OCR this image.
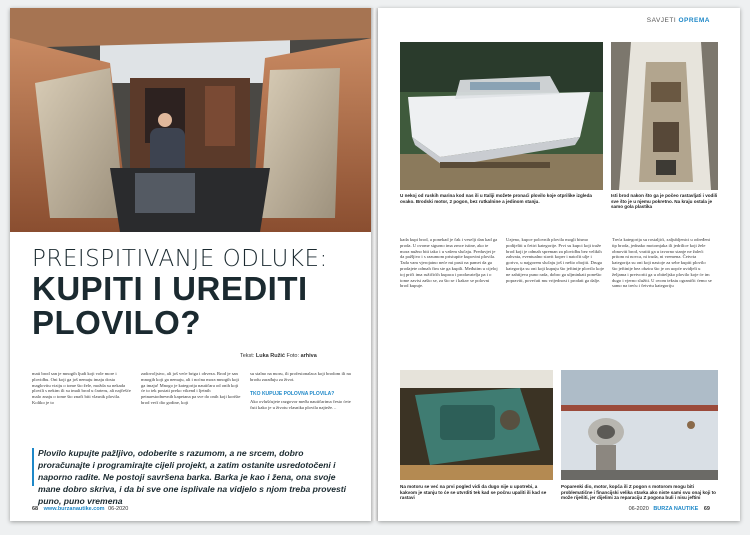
PREISPITIVANJE ODLUKE:
KUPITI I UREDITI
PLOVILO?
Tekst: Luka Ružić Foto: arhiva
mati brod san je mnogih ljudi koji vole more i plovidbu. Oni koji ga još nemaju imaju dosta maglovitu viziju o tome što žele, možda su nekada plovili s nekim ili su imali brod u čarteru, ali najčešće malo znaju o tome što znači biti vlasnik plovila. Koliko je to
zadovoljstvo, ali još veće briga i obveza. Brod je san mnogih koji ga nemaju, ali i noćna mora mnogih koji ga imaju! Mnogo je kategorija nautičara od onih koji će to tek postati preko vikend i ljetnih petnaestodnevnih kapetana pa sve do onih koji korište brod većí dio godine, koji
su stalno na moru, ili profesionalaca koji brodom ili na brodu zarađuju za život.
TKO KUPUJE POLOVNA PLOVILA?
Ako ovlušćujete razgovor među nautičarima često ćete čuti kako je u životu vlasnika plovila najteže…
Plovilo kupujte pažljivo, odoberite s razumom, a ne srcem, dobro proračunajte i programirajte cijeli projekt, a zatim ostanite usredotočeni i naporno radite. Ne postoji savršena barka. Barka je kao i žena, ona svoje mane dobro skriva, i da bi sve one isplivale na vidjelo s njom treba provesti puno, puno vremena
68 www.burzanautike.com 06-2020
SAVJETI OPREMA
U nekoj od ruskih marina kod nas ili u Italiji možete pronaći plovilo koje otprilike izgleda ovako. Brodski motor, 2 pogon, bez rutkalnine a jedinom stanju.
Isti brod nakon što ga je počeo rastavljati i vodili sve što je u njemu pokretno. Na kraju ostala je samo gola plastika
kada kupi brod, a ponekad je čak i veselji dan kad ga proda. U ovome sigurno ima zrnce istine, ako te mora nužno biti tako i u vašem slučaju. Preduvjet je da pažljivo i s razumom pristupite kupovini plovila. Tada vam vjerojatno neće mi pasti na pamet da ga prodajete odmah čim ste ga kupili. Međutim u cijeloj toj priči ima ružičićih kupaca i prodavatelja pa i o tome zavisi zašto se, za što se i kakav se polovni brod kupuje.
Uzjeno, kupce polovnih plovila mogli bismo podijeliti u četiri kategorije. Prvi su kupci koji traže brod koji je odmah spreman za plovidbu bez velikih zahvata, eventualno stavit koper i natočit ulje i gorivo, u najgorem slučaju još i nešto obojiti. Druga kategorija su oni koji kupuju što jeftinije plovilo koje ne zahtijeva puno rada, dobro ga uljminkati ponešto popraviti, povećati mu vrijednost i prodati ga dalje.
Treća kategorija su rostaljići, zaljubljenici u određeni tip broda, jednako motornjaka ili jedrilice koji žele obnoviti brod, vratiti ga u izvorno stanje ne žaleći pritom ni novca, ni truda, ni vremena. Četvrta kategorija su oni koji nastoje za sebe kupiti plovilo što jeftinije bez obzira što je on uopće uvidjeli u željama i pretvoriti ga u obiteljsko plovilo koje će im dugo i vjerno služiti. U ovom tekstu ograničit ćemo se samo na treću i četvrtu kategoriju
Na motoru se već na prvi pogled vidi da dugo nije u upotrebi, a kakvom je stanju to će se utvrditi tek kad se počnu upaliti ili kad se rastavi
Poparenki dio, motor, kopča ili Z pogon s motorom mogu biti problematične i financijski velika stavka ako niste sami svu onaj koji to može riješiti, jer dijelimi za reparaciju Z pogona buli i nisu jeftini
06-2020 BURZA NAUTIKE 69
